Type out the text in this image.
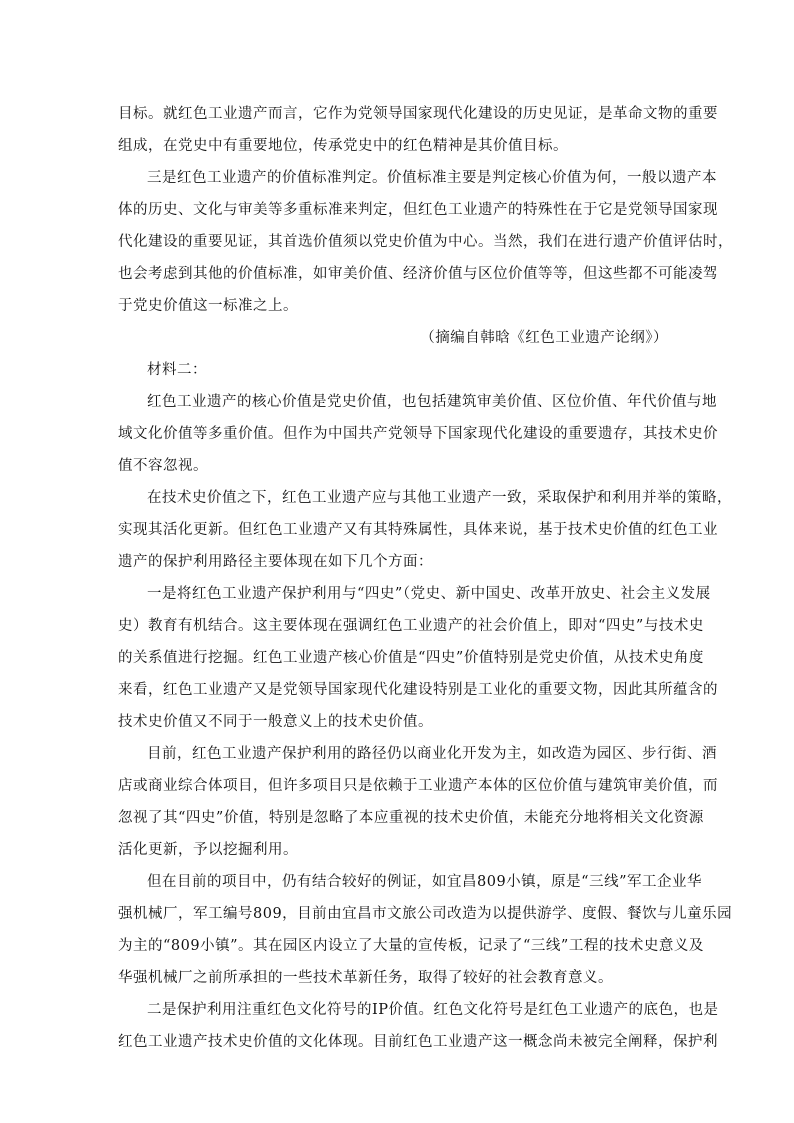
目标。就红色工业遗产而言，它作为党领导国家现代化建设的历史见证，是革命文物的重要
组成，在党史中有重要地位，传承党史中的红色精神是其价值目标。
三是红色工业遗产的价值标准判定。价值标准主要是判定核心价值为何，一般以遗产本
体的历史、文化与审美等多重标准来判定，但红色工业遗产的特殊性在于它是党领导国家现
代化建设的重要见证，其首选价值须以党史价值为中心。当然，我们在进行遗产价值评估时，
也会考虑到其他的价值标准，如审美价值、经济价值与区位价值等等，但这些都不可能凌驾
于党史价值这一标准之上。
（摘编自韩晗《红色工业遗产论纲》）
材料二：
红色工业遗产的核心价值是党史价值，也包括建筑审美价值、区位价值、年代价值与地
域文化价值等多重价值。但作为中国共产党领导下国家现代化建设的重要遗存，其技术史价
值不容忽视。
在技术史价值之下，红色工业遗产应与其他工业遗产一致，采取保护和利用并举的策略，
实现其活化更新。但红色工业遗产又有其特殊属性，具体来说，基于技术史价值的红色工业
遗产的保护利用路径主要体现在如下几个方面：
一是将红色工业遗产保护利用与“四史”（党史、新中国史、改革开放史、社会主义发展
史）教育有机结合。这主要体现在强调红色工业遗产的社会价值上，即对“四史”与技术史
的关系值进行挖掘。红色工业遗产核心价值是“四史”价值特别是党史价值，从技术史角度
来看，红色工业遗产又是党领导国家现代化建设特别是工业化的重要文物，因此其所蕴含的
技术史价值又不同于一般意义上的技术史价值。
目前，红色工业遗产保护利用的路径仍以商业化开发为主，如改造为园区、步行街、酒
店或商业综合体项目，但许多项目只是依赖于工业遗产本体的区位价值与建筑审美价值，而
忽视了其“四史”价值，特别是忽略了本应重视的技术史价值，未能充分地将相关文化资源
活化更新，予以挖掘利用。
但在目前的项目中，仍有结合较好的例证，如宜昌809小镇，原是“三线”军工企业华
强机械厂，军工编号809，目前由宜昌市文旅公司改造为以提供游学、度假、餐饮与儿童乐园
为主的“809小镇”。其在园区内设立了大量的宣传板，记录了“三线”工程的技术史意义及
华强机械厂之前所承担的一些技术革新任务，取得了较好的社会教育意义。
二是保护利用注重红色文化符号的IP价值。红色文化符号是红色工业遗产的底色，也是
红色工业遗产技术史价值的文化体现。目前红色工业遗产这一概念尚未被完全阐释，保护利
